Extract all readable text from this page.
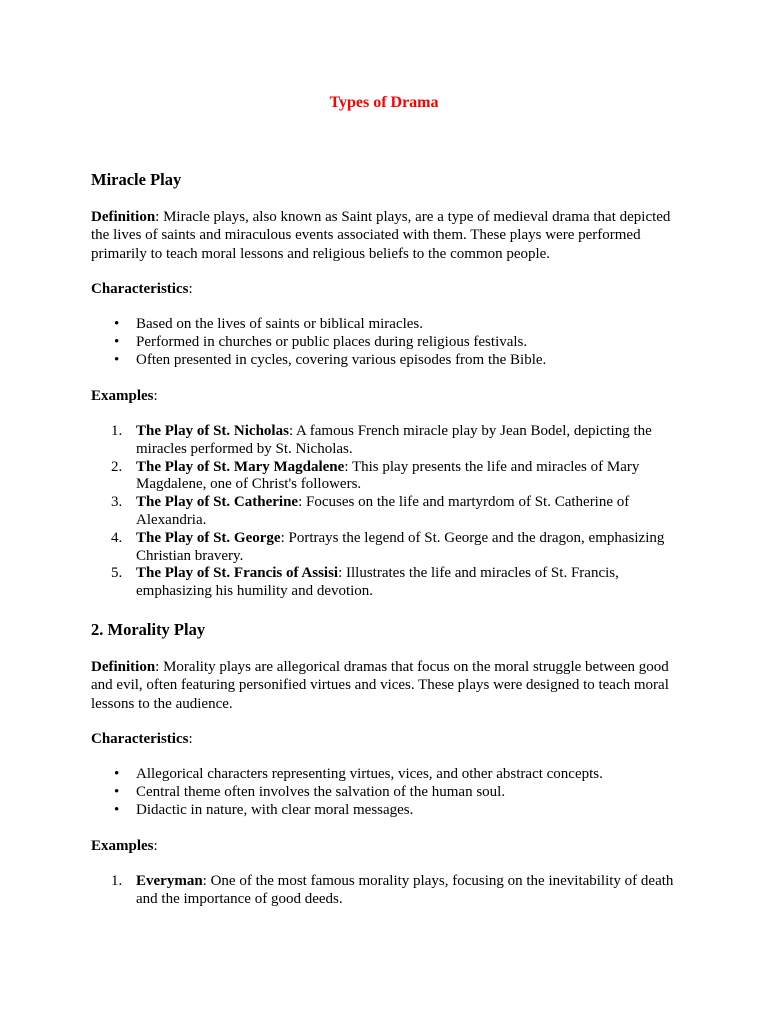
Types of Drama
Miracle Play
Definition: Miracle plays, also known as Saint plays, are a type of medieval drama that depicted the lives of saints and miraculous events associated with them. These plays were performed primarily to teach moral lessons and religious beliefs to the common people.
Characteristics:
• Based on the lives of saints or biblical miracles.
• Performed in churches or public places during religious festivals.
• Often presented in cycles, covering various episodes from the Bible.
Examples:
1. The Play of St. Nicholas: A famous French miracle play by Jean Bodel, depicting the miracles performed by St. Nicholas.
2. The Play of St. Mary Magdalene: This play presents the life and miracles of Mary Magdalene, one of Christ's followers.
3. The Play of St. Catherine: Focuses on the life and martyrdom of St. Catherine of Alexandria.
4. The Play of St. George: Portrays the legend of St. George and the dragon, emphasizing Christian bravery.
5. The Play of St. Francis of Assisi: Illustrates the life and miracles of St. Francis, emphasizing his humility and devotion.
2. Morality Play
Definition: Morality plays are allegorical dramas that focus on the moral struggle between good and evil, often featuring personified virtues and vices. These plays were designed to teach moral lessons to the audience.
Characteristics:
• Allegorical characters representing virtues, vices, and other abstract concepts.
• Central theme often involves the salvation of the human soul.
• Didactic in nature, with clear moral messages.
Examples:
1. Everyman: One of the most famous morality plays, focusing on the inevitability of death and the importance of good deeds.
